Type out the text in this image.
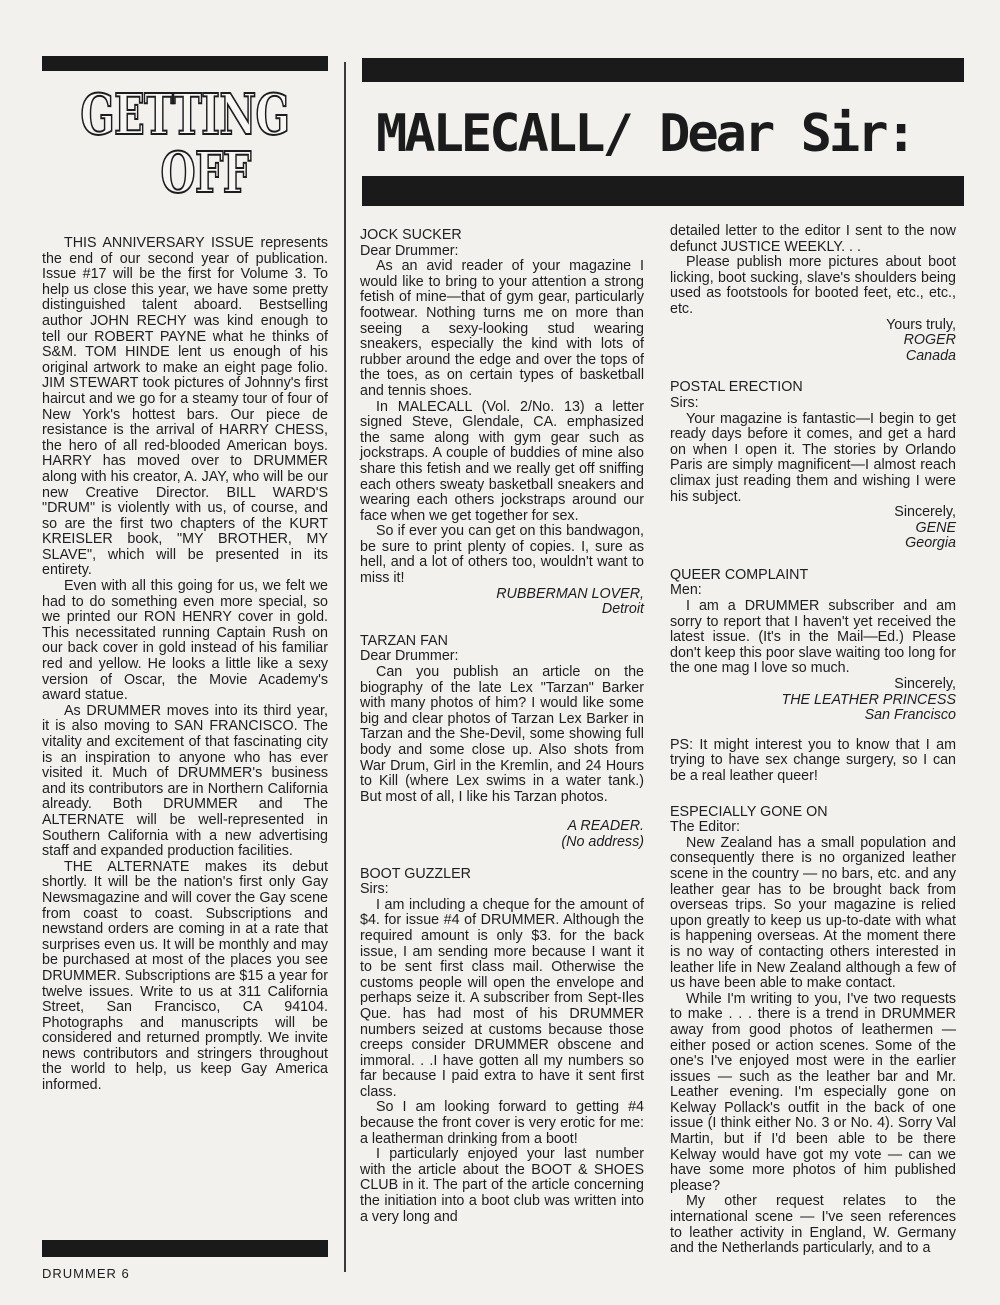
GETTING
OFF
MALECALL/ Dear Sir:

THIS ANNIVERSARY ISSUE represents the end of our second year of publication. Issue #17 will be the first for Volume 3. To help us close this year, we have some pretty distinguished talent aboard. Bestselling author JOHN RECHY was kind enough to tell our ROBERT PAYNE what he thinks of S&M. TOM HINDE lent us enough of his original artwork to make an eight page folio. JIM STEWART took pictures of Johnny's first haircut and we go for a steamy tour of four of New York's hottest bars. Our piece de resistance is the arrival of HARRY CHESS, the hero of all red-blooded American boys. HARRY has moved over to DRUMMER along with his creator, A. JAY, who will be our new Creative Director. BILL WARD'S "DRUM" is violently with us, of course, and so are the first two chapters of the KURT KREISLER book, "MY BROTHER, MY SLAVE", which will be presented in its entirety.

Even with all this going for us, we felt we had to do something even more special, so we printed our RON HENRY cover in gold. This necessitated running Captain Rush on our back cover in gold instead of his familiar red and yellow. He looks a little like a sexy version of Oscar, the Movie Academy's award statue.

As DRUMMER moves into its third year, it is also moving to SAN FRANCISCO. The vitality and excitement of that fascinating city is an inspiration to anyone who has ever visited it. Much of DRUMMER's business and its contributors are in Northern California already. Both DRUMMER and The ALTERNATE will be well-represented in Southern California with a new advertising staff and expanded production facilities.

THE ALTERNATE makes its debut shortly. It will be the nation's first only Gay Newsmagazine and will cover the Gay scene from coast to coast. Subscriptions and newstand orders are coming in at a rate that surprises even us. It will be monthly and may be purchased at most of the places you see DRUMMER. Subscriptions are $15 a year for twelve issues. Write to us at 311 California Street, San Francisco, CA 94104. Photographs and manuscripts will be considered and returned promptly. We invite news contributors and stringers throughout the world to help, us keep Gay America informed.

JOCK SUCKER

Dear Drummer:

As an avid reader of your magazine I would like to bring to your attention a strong fetish of mine—that of gym gear, particularly footwear. Nothing turns me on more than seeing a sexy-looking stud wearing sneakers, especially the kind with lots of rubber around the edge and over the tops of the toes, as on certain types of basketball and tennis shoes.

In MALECALL (Vol. 2/No. 13) a letter signed Steve, Glendale, CA. emphasized the same along with gym gear such as jockstraps. A couple of buddies of mine also share this fetish and we really get off sniffing each others sweaty basketball sneakers and wearing each others jockstraps around our face when we get together for sex.

So if ever you can get on this bandwagon, be sure to print plenty of copies. I, sure as hell, and a lot of others too, wouldn't want to miss it!

RUBBERMAN LOVER,

Detroit

TARZAN FAN

Dear Drummer:

Can you publish an article on the biography of the late Lex "Tarzan" Barker with many photos of him? I would like some big and clear photos of Tarzan Lex Barker in Tarzan and the She-Devil, some showing full body and some close up. Also shots from War Drum, Girl in the Kremlin, and 24 Hours to Kill (where Lex swims in a water tank.) But most of all, I like his Tarzan photos.

A READER.

(No address)

BOOT GUZZLER

Sirs:

I am including a cheque for the amount of $4. for issue #4 of DRUMMER. Although the required amount is only $3. for the back issue, I am sending more because I want it to be sent first class mail. Otherwise the customs people will open the envelope and perhaps seize it. A subscriber from Sept-Iles Que. has had most of his DRUMMER numbers seized at customs because those creeps consider DRUMMER obscene and immoral. . .I have gotten all my numbers so far because I paid extra to have it sent first class.

So I am looking forward to getting #4 because the front cover is very erotic for me: a leatherman drinking from a boot!

I particularly enjoyed your last number with the article about the BOOT & SHOES CLUB in it. The part of the article concerning the initiation into a boot club was written into a very long and

detailed letter to the editor I sent to the now defunct JUSTICE WEEKLY. . .

Please publish more pictures about boot licking, boot sucking, slave's shoulders being used as footstools for booted feet, etc., etc., etc.

Yours truly,

ROGER

Canada

POSTAL ERECTION

Sirs:

Your magazine is fantastic—I begin to get ready days before it comes, and get a hard on when I open it. The stories by Orlando Paris are simply magnificent—I almost reach climax just reading them and wishing I were his subject.

Sincerely,

GENE

Georgia

QUEER COMPLAINT

Men:

I am a DRUMMER subscriber and am sorry to report that I haven't yet received the latest issue. (It's in the Mail—Ed.) Please don't keep this poor slave waiting too long for the one mag I love so much.

Sincerely,

THE LEATHER PRINCESS

San Francisco

PS: It might interest you to know that I am trying to have sex change surgery, so I can be a real leather queer!

ESPECIALLY GONE ON

The Editor:

New Zealand has a small population and consequently there is no organized leather scene in the country — no bars, etc. and any leather gear has to be brought back from overseas trips. So your magazine is relied upon greatly to keep us up-to-date with what is happening overseas. At the moment there is no way of contacting others interested in leather life in New Zealand although a few of us have been able to make contact.

While I'm writing to you, I've two requests to make . . . there is a trend in DRUMMER away from good photos of leathermen — either posed or action scenes. Some of the one's I've enjoyed most were in the earlier issues — such as the leather bar and Mr. Leather evening. I'm especially gone on Kelway Pollack's outfit in the back of one issue (I think either No. 3 or No. 4). Sorry Val Martin, but if I'd been able to be there Kelway would have got my vote — can we have some more photos of him published please?

My other request relates to the international scene — I've seen references to leather activity in England, W. Germany and the Netherlands particularly, and to a

DRUMMER 6
